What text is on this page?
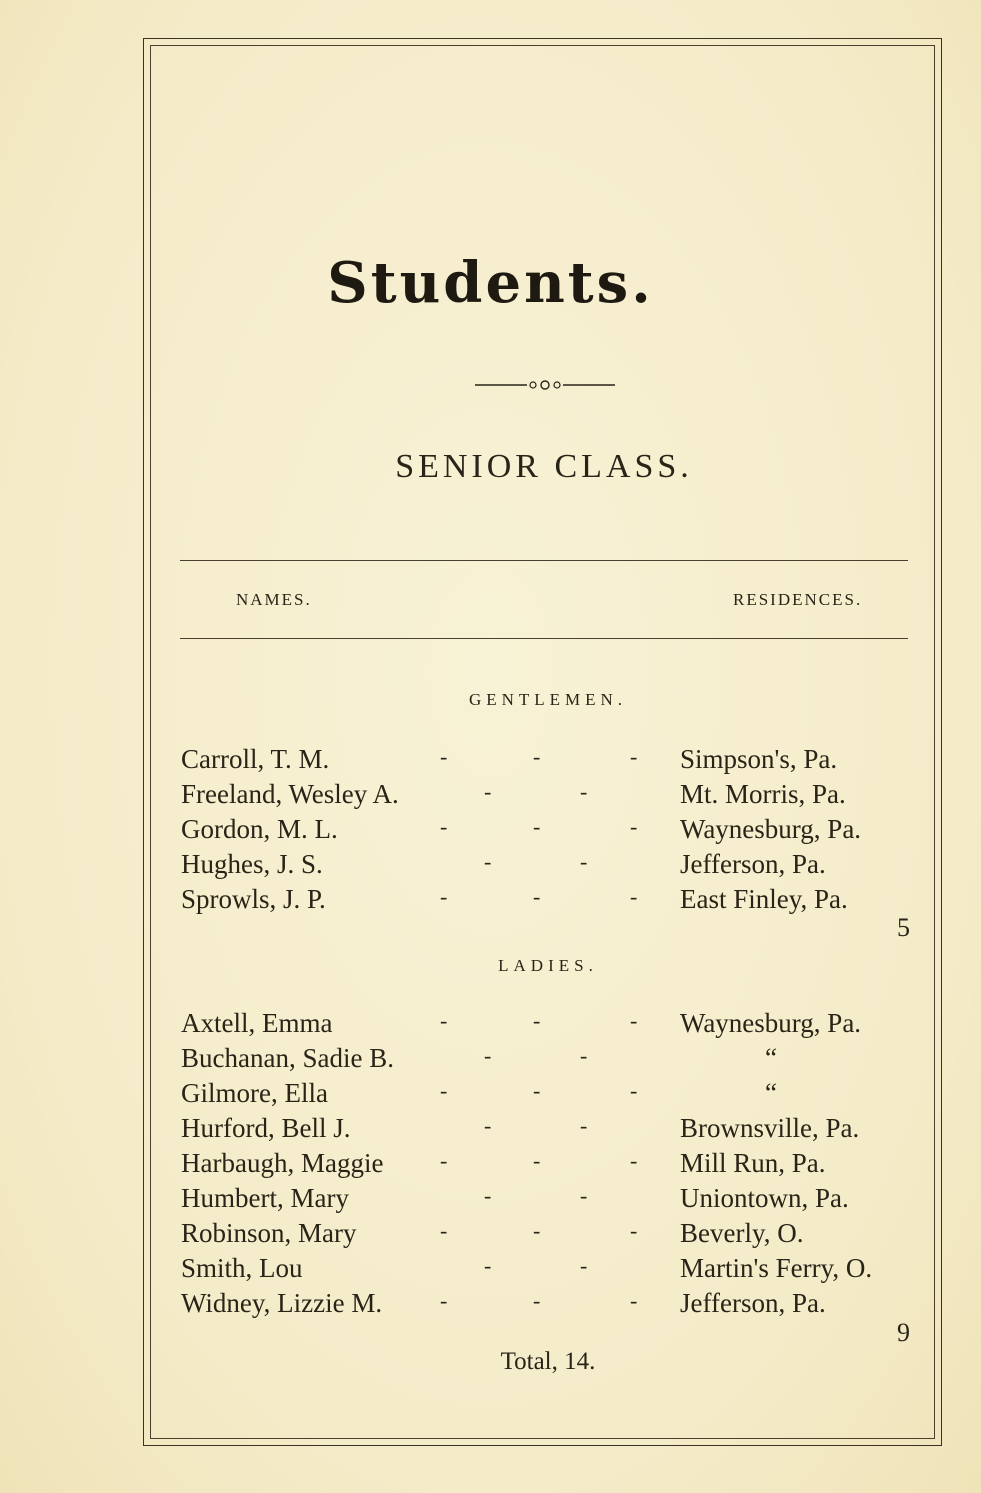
Students.
SENIOR CLASS.
NAMES.	RESIDENCES.
GENTLEMEN.
Carroll, T. M.	-	-	- Simpson's, Pa.
Freeland, Wesley A.	-	-	Mt. Morris, Pa.
Gordon, M. L.	-	-	- Waynesburg, Pa.
Hughes, J. S.	-	-	Jefferson, Pa.
Sprowls, J. P.	-	-	- East Finley, Pa.
5
LADIES.
Axtell, Emma	-	-	- Waynesburg, Pa.
Buchanan, Sadie B.	-	-	“
Gilmore, Ella	-	-	-	“
Hurford, Bell J.	-	-	Brownsville, Pa.
Harbaugh, Maggie	-	-	- Mill Run, Pa.
Humbert, Mary	-	-	Uniontown, Pa.
Robinson, Mary	-	-	- Beverly, O.
Smith, Lou	-	-	Martin's Ferry, O.
Widney, Lizzie M.	-	-	- Jefferson, Pa.
9
Total, 14.
